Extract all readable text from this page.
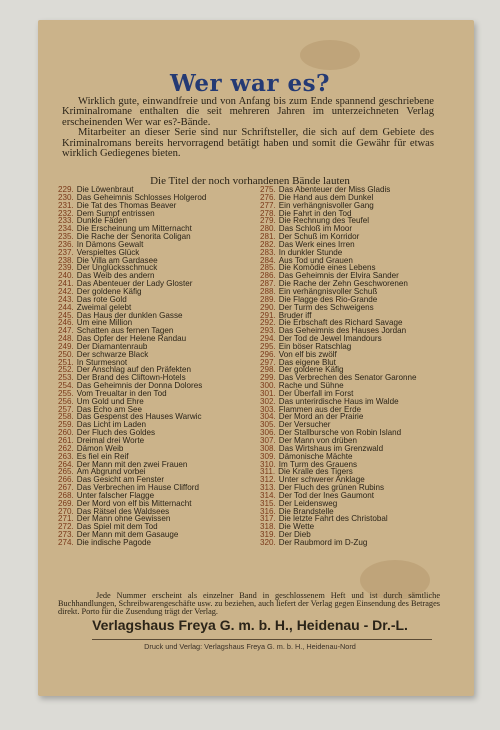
Wer war es?

Wirklich gute, einwandfreie und von Anfang bis zum Ende spannend geschriebene Kriminalromane enthalten die seit mehreren Jahren im unterzeichneten Verlag erscheinenden Wer war es?-Bände.

Mitarbeiter an dieser Serie sind nur Schriftsteller, die sich auf dem Gebiete des Kriminalromans bereits hervorragend betätigt haben und somit die Gewähr für etwas wirklich Gediegenes bieten.

Die Titel der noch vorhandenen Bände lauten
229. Die Löwenbraut
230. Das Geheimnis Schlosses Holgerod
231. Die Tat des Thomas Beaver
232. Dem Sumpf entrissen
233. Dunkle Fäden
234. Die Erscheinung um Mitternacht
235. Die Rache der Senorita Coligan
236. In Dämons Gewalt
237. Verspieltes Glück
238. Die Villa am Gardasee
239. Der Unglücksschmuck
240. Das Weib des andern
241. Das Abenteuer der Lady Gloster
242. Der goldene Käfig
243. Das rote Gold
244. Zweimal gelebt
245. Das Haus der dunklen Gasse
246. Um eine Million
247. Schatten aus fernen Tagen
248. Das Opfer der Helene Randau
249. Der Diamantenraub
250. Der schwarze Black
251. In Sturmesnot
252. Der Anschlag auf den Präfekten
253. Der Brand des Cliftown-Hotels
254. Das Geheimnis der Donna Dolores
255. Vom Treualtar in den Tod
256. Um Gold und Ehre
257. Das Echo am See
258. Das Gespenst des Hauses Warwic
259. Das Licht im Laden
260. Der Fluch des Goldes
261. Dreimal drei Worte
262. Dämon Weib
263. Es fiel ein Reif
264. Der Mann mit den zwei Frauen
265. Am Abgrund vorbei
266. Das Gesicht am Fenster
267. Das Verbrechen im Hause Clifford
268. Unter falscher Flagge
269. Der Mord von elf bis Mitternacht
270. Das Rätsel des Waldsees
271. Der Mann ohne Gewissen
272. Das Spiel mit dem Tod
273. Der Mann mit dem Gasauge
274. Die indische Pagode
275. Das Abenteuer der Miss Gladis
276. Die Hand aus dem Dunkel
277. Ein verhängnisvoller Gang
278. Die Fahrt in den Tod
279. Die Rechnung des Teufel
280. Das Schloß im Moor
281. Der Schuß im Korridor
282. Das Werk eines Irren
283. In dunkler Stunde
284. Aus Tod und Grauen
285. Die Komödie eines Lebens
286. Das Geheimnis der Elvira Sander
287. Die Rache der Zehn Geschworenen
288. Ein verhängnisvoller Schuß
289. Die Flagge des Rio-Grande
290. Der Turm des Schweigens
291. Bruder iff
292. Die Erbschaft des Richard Savage
293. Das Geheimnis des Hauses Jordan
294. Der Tod de Jewel Imandours
295. Ein böser Ratschlag
296. Von elf bis zwölf
297. Das eigene Blut
298. Der goldene Käfig
299. Das Verbrechen des Senator Garonne
300. Rache und Sühne
301. Der Überfall im Forst
302. Das unterirdische Haus im Walde
303. Flammen aus der Erde
304. Der Mord an der Prairie
305. Der Versucher
306. Der Stallbursche von Robin Island
307. Der Mann von drüben
308. Das Wirtshaus im Grenzwald
309. Dämonische Mächte
310. Im Turm des Grauens
311. Die Kralle des Tigers
312. Unter schwerer Anklage
313. Der Fluch des grünen Rubins
314. Der Tod der Ines Gaumont
315. Der Leidensweg
316. Die Brandstelle
317. Die letzte Fahrt des Christobal
318. Die Wette
319. Der Dieb
320. Der Raubmord im D-Zug

Jede Nummer erscheint als einzelner Band in geschlossenem Heft und ist durch sämtliche Buchhandlungen, Schreibwarengeschäfte usw. zu beziehen, auch liefert der Verlag gegen Einsendung des Betrages direkt. Porto für die Zusendung trägt der Verlag.

Verlagshaus Freya G. m. b. H., Heidenau - Dr.-L.
Druck und Verlag: Verlagshaus Freya G. m. b. H., Heidenau-Nord
